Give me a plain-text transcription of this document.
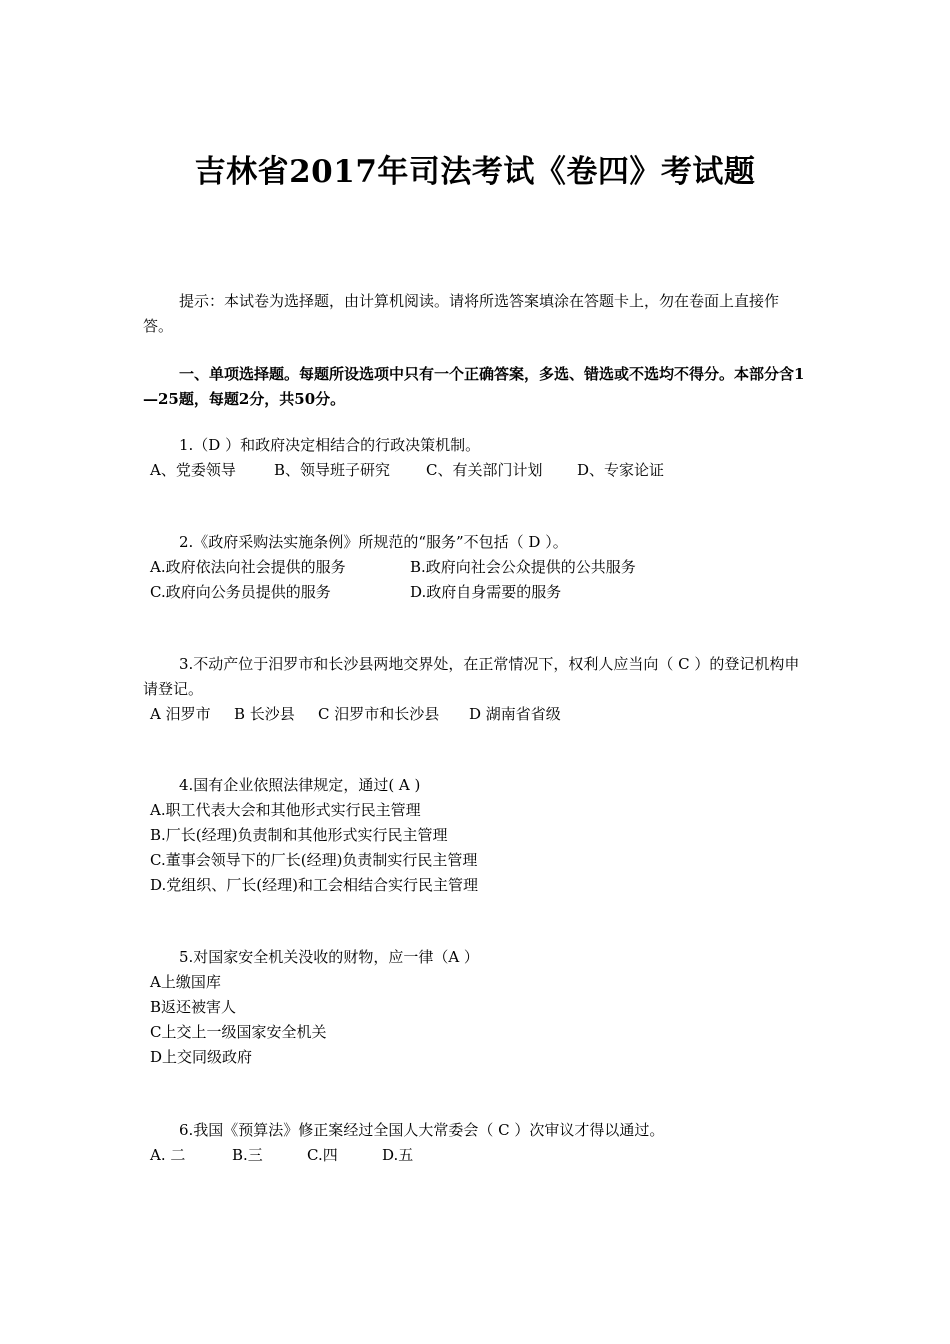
吉林省2017年司法考试《卷四》考试题
提示：本试卷为选择题，由计算机阅读。请将所选答案填涂在答题卡上，勿在卷面上直接作答。
一、单项选择题。每题所设选项中只有一个正确答案，多选、错选或不选均不得分。本部分含1—25题，每题2分，共50分。
1.（D ）和政府决定相结合的行政决策机制。
A、党委领导	B、领导班子研究	C、有关部门计划	D、专家论证
2.《政府采购法实施条例》所规范的“服务”不包括（ D ）。
A.政府依法向社会提供的服务	B.政府向社会公众提供的公共服务
C.政府向公务员提供的服务	D.政府自身需要的服务
3.不动产位于汨罗市和长沙县两地交界处，在正常情况下，权利人应当向（ C ）的登记机构申请登记。
A 汨罗市	B 长沙县	C 汨罗市和长沙县	D 湖南省省级
4.国有企业依照法律规定，通过( A )
A.职工代表大会和其他形式实行民主管理
B.厂长(经理)负责制和其他形式实行民主管理
C.董事会领导下的厂长(经理)负责制实行民主管理
D.党组织、厂长(经理)和工会相结合实行民主管理
5.对国家安全机关没收的财物，应一律（A ）
A上缴国库
B返还被害人
C上交上一级国家安全机关
D上交同级政府
6.我国《预算法》修正案经过全国人大常委会（ C ）次审议才得以通过。
A. 二	B.三	C.四	D.五
